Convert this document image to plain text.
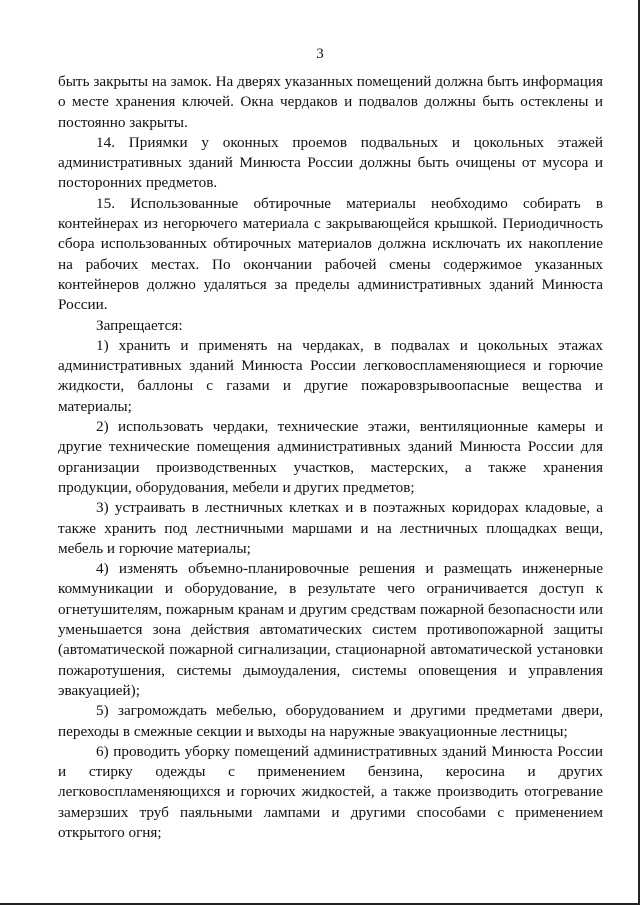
3

быть закрыты на замок. На дверях указанных помещений должна быть информация о месте хранения ключей. Окна чердаков и подвалов должны быть остеклены и постоянно закрыты.

14. Приямки у оконных проемов подвальных и цокольных этажей административных зданий Минюста России должны быть очищены от мусора и посторонних предметов.

15. Использованные обтирочные материалы необходимо собирать в контейнерах из негорючего материала с закрывающейся крышкой. Периодичность сбора использованных обтирочных материалов должна исключать их накопление на рабочих местах. По окончании рабочей смены содержимое указанных контейнеров должно удаляться за пределы административных зданий Минюста России.

Запрещается:

1) хранить и применять на чердаках, в подвалах и цокольных этажах административных зданий Минюста России легковоспламеняющиеся и горючие жидкости, баллоны с газами и другие пожаровзрывоопасные вещества и материалы;

2) использовать чердаки, технические этажи, вентиляционные камеры и другие технические помещения административных зданий Минюста России для организации производственных участков, мастерских, а также хранения продукции, оборудования, мебели и других предметов;

3) устраивать в лестничных клетках и в поэтажных коридорах кладовые, а также хранить под лестничными маршами и на лестничных площадках вещи, мебель и горючие материалы;

4) изменять объемно-планировочные решения и размещать инженерные коммуникации и оборудование, в результате чего ограничивается доступ к огнетушителям, пожарным кранам и другим средствам пожарной безопасности или уменьшается зона действия автоматических систем противопожарной защиты (автоматической пожарной сигнализации, стационарной автоматической установки пожаротушения, системы дымоудаления, системы оповещения и управления эвакуацией);

5) загромождать мебелью, оборудованием и другими предметами двери, переходы в смежные секции и выходы на наружные эвакуационные лестницы;

6) проводить уборку помещений административных зданий Минюста России и стирку одежды с применением бензина, керосина и других легковоспламеняющихся и горючих жидкостей, а также производить отогревание замерзших труб паяльными лампами и другими способами с применением открытого огня;
